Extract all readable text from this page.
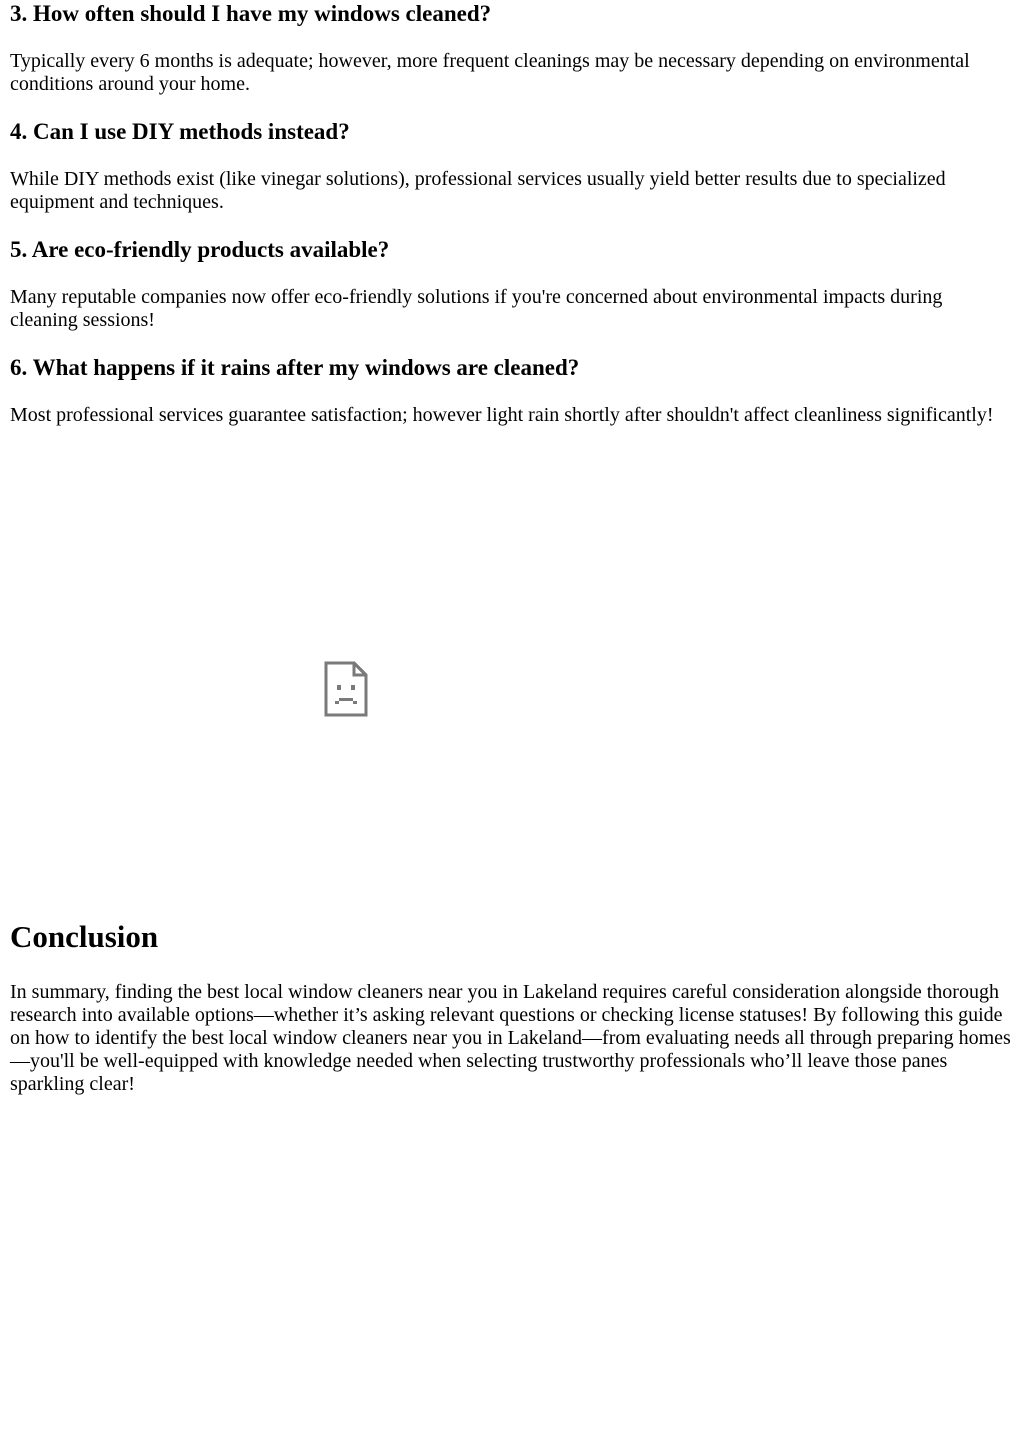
3. How often should I have my windows cleaned?

Typically every 6 months is adequate; however, more frequent cleanings may be necessary depending on environmental conditions around your home.

4. Can I use DIY methods instead?

While DIY methods exist (like vinegar solutions), professional services usually yield better results due to specialized equipment and techniques.

5. Are eco-friendly products available?

Many reputable companies now offer eco-friendly solutions if you're concerned about environmental impacts during cleaning sessions!

6. What happens if it rains after my windows are cleaned?

Most professional services guarantee satisfaction; however light rain shortly after shouldn't affect cleanliness significantly!

Conclusion

In summary, finding the best local window cleaners near you in Lakeland requires careful consideration alongside thorough research into available options—whether it’s asking relevant questions or checking license statuses! By following this guide on how to identify the best local window cleaners near you in Lakeland—from evaluating needs all through preparing homes—you'll be well-equipped with knowledge needed when selecting trustworthy professionals who’ll leave those panes sparkling clear!
